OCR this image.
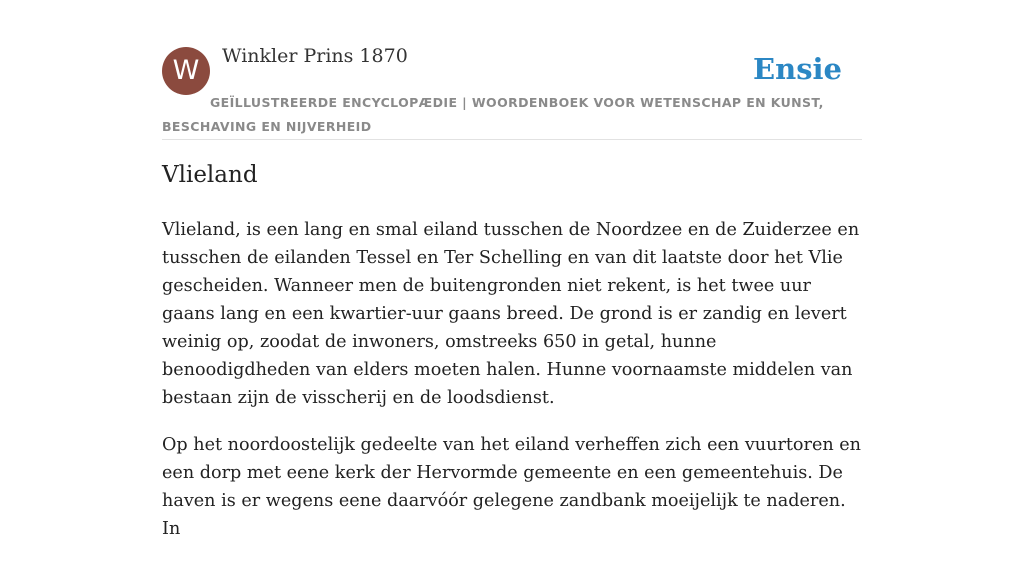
W	Winkler Prins 1870	Ensie
GEÏLLUSTREERDE ENCYCLOPÆDIE | WOORDENBOEK VOOR WETENSCHAP EN KUNST, BESCHAVING EN NIJVERHEID
Vlieland

Vlieland, is een lang en smal eiland tusschen de Noordzee en de Zuiderzee en tusschen de eilanden Tessel en Ter Schelling en van dit laatste door het Vlie gescheiden. Wanneer men de buitengronden niet rekent, is het twee uur gaans lang en een kwartier-uur gaans breed. De grond is er zandig en levert weinig op, zoodat de inwoners, omstreeks 650 in getal, hunne benoodigdheden van elders moeten halen. Hunne voornaamste middelen van bestaan zijn de visscherij en de loodsdienst.

Op het noordoostelijk gedeelte van het eiland verheffen zich een vuurtoren en een dorp met eene kerk der Hervormde gemeente en een gemeentehuis. De haven is er wegens eene daarvóór gelegene zandbank moeijelijk te naderen. In
